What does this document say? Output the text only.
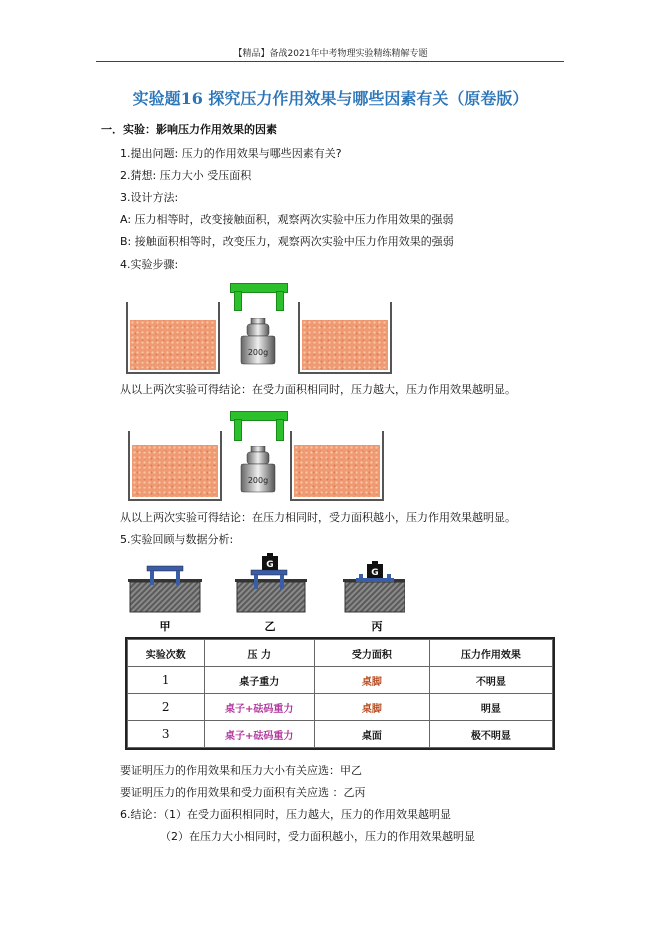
【精品】备战2021年中考物理实验精练精解专题
实验题16 探究压力作用效果与哪些因素有关（原卷版）
一．实验：影响压力作用效果的因素
1.提出问题: 压力的作用效果与哪些因素有关?
2.猜想: 压力大小 受压面积
3.设计方法:
A: 压力相等时，改变接触面积，观察两次实验中压力作用效果的强弱
B: 接触面积相等时，改变压力，观察两次实验中压力作用效果的强弱
4.实验步骤:
200g
从以上两次实验可得结论：在受力面积相同时，压力越大，压力作用效果越明显。
200g
从以上两次实验可得结论：在压力相同时，受力面积越小，压力作用效果越明显。
5.实验回顾与数据分析:
G
G
甲	乙	丙
实验次数	压 力	受力面积	压力作用效果
1	桌子重力	桌脚	不明显
2	桌子+砝码重力	桌脚	明显
3	桌子+砝码重力	桌面	极不明显
要证明压力的作用效果和压力大小有关应选：甲乙
要证明压力的作用效果和受力面积有关应选 ：乙丙
6.结论：（1）在受力面积相同时，压力越大，压力的作用效果越明显
（2）在压力大小相同时，受力面积越小，压力的作用效果越明显
